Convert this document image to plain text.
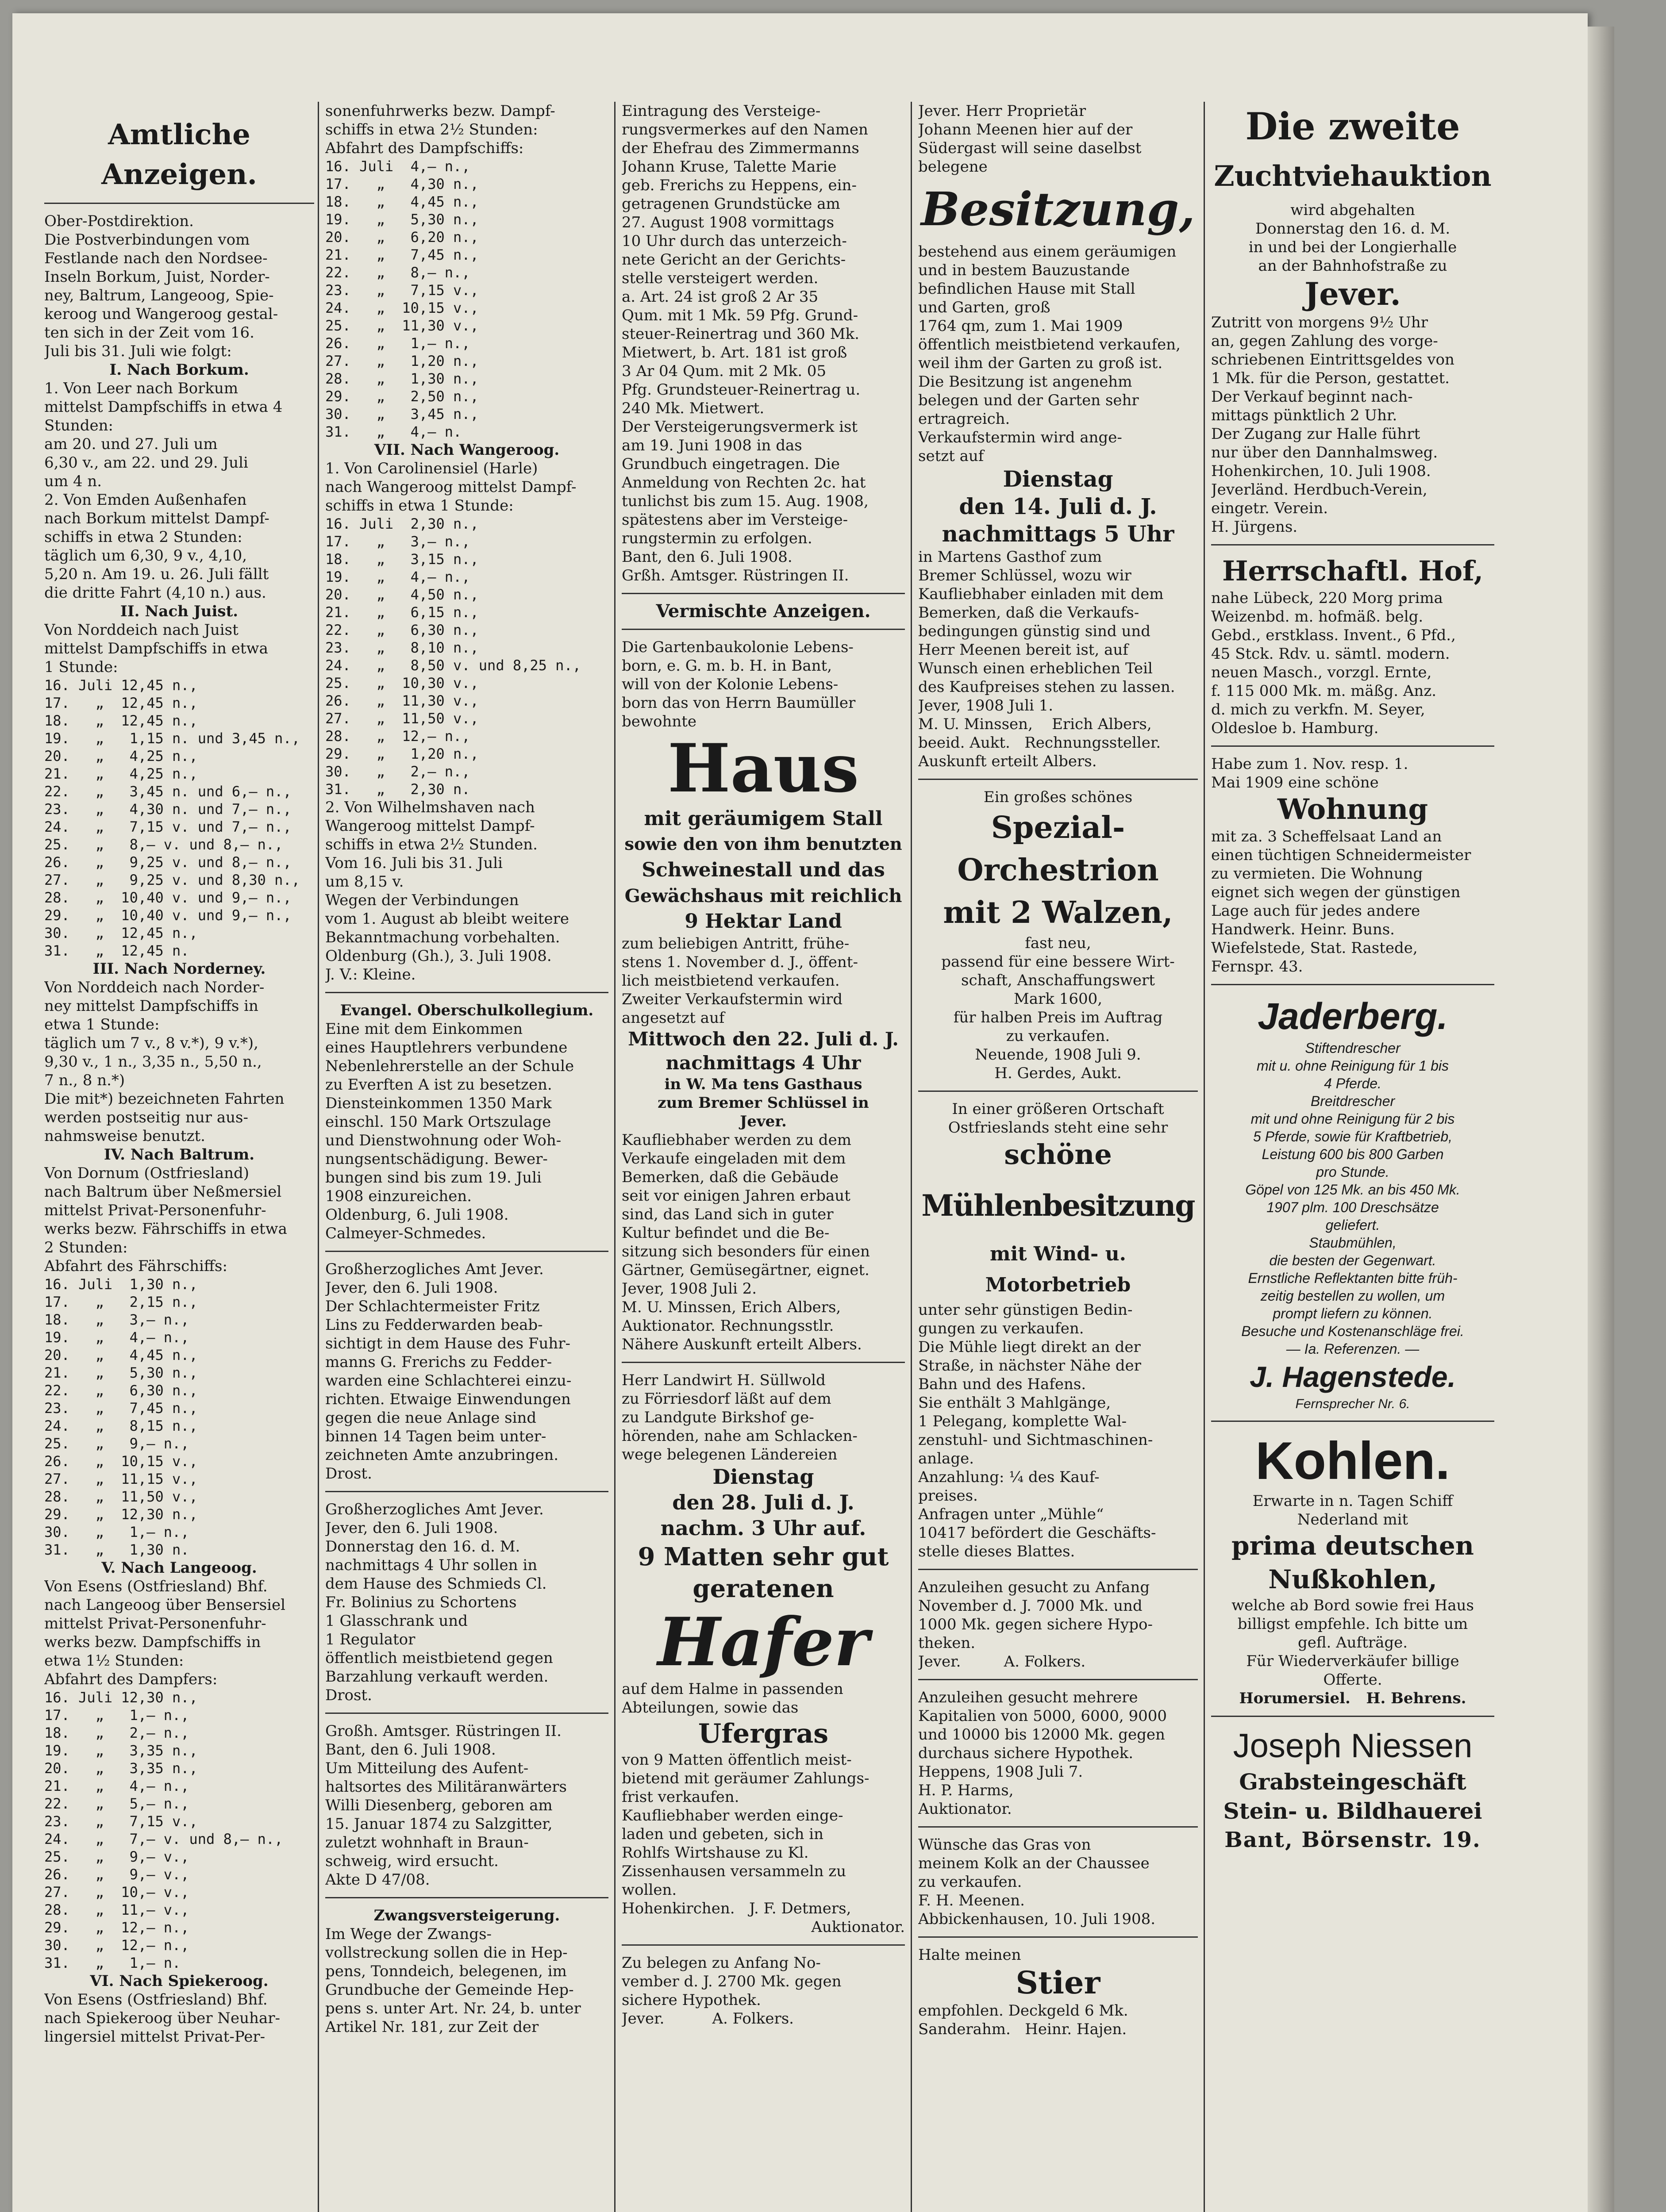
Amtliche Anzeigen.
Ober-Postdirektion.
Die Postverbindungen vom
Festlande nach den Nordsee-
Inseln Borkum, Juist, Norder-
ney, Baltrum, Langeoog, Spie-
keroog und Wangeroog gestal-
ten sich in der Zeit vom 16.
Juli bis 31. Juli wie folgt:
I. Nach Borkum.
1. Von Leer nach Borkum
mittelst Dampfschiffs in etwa 4
Stunden:
am 20. und 27. Juli um
6,30 v., am 22. und 29. Juli
um 4 n.
2. Von Emden Außenhafen
nach Borkum mittelst Dampf-
schiffs in etwa 2 Stunden:
täglich um 6,30, 9 v., 4,10,
5,20 n. Am 19. u. 26. Juli fällt
die dritte Fahrt (4,10 n.) aus.
II. Nach Juist.
Von Norddeich nach Juist
mittelst Dampfschiffs in etwa
1 Stunde:
16. Juli 12,45 n.,
17.   „  12,45 n.,
18.   „  12,45 n.,
19.   „   1,15 n. und 3,45 n.,
20.   „   4,25 n.,
21.   „   4,25 n.,
22.   „   3,45 n. und 6,— n.,
23.   „   4,30 n. und 7,— n.,
24.   „   7,15 v. und 7,— n.,
25.   „   8,— v. und 8,— n.,
26.   „   9,25 v. und 8,— n.,
27.   „   9,25 v. und 8,30 n.,
28.   „  10,40 v. und 9,— n.,
29.   „  10,40 v. und 9,— n.,
30.   „  12,45 n.,
31.   „  12,45 n.
III. Nach Norderney.
Von Norddeich nach Norder-
ney mittelst Dampfschiffs in
etwa 1 Stunde:
täglich um 7 v., 8 v.*), 9 v.*),
9,30 v., 1 n., 3,35 n., 5,50 n.,
7 n., 8 n.*)
Die mit*) bezeichneten Fahrten
werden postseitig nur aus-
nahmsweise benutzt.
IV. Nach Baltrum.
Von Dornum (Ostfriesland)
nach Baltrum über Neßmersiel
mittelst Privat-Personenfuhr-
werks bezw. Fährschiffs in etwa
2 Stunden:
Abfahrt des Fährschiffs:
16. Juli  1,30 n.,
17.   „   2,15 n.,
18.   „   3,— n.,
19.   „   4,— n.,
20.   „   4,45 n.,
21.   „   5,30 n.,
22.   „   6,30 n.,
23.   „   7,45 n.,
24.   „   8,15 n.,
25.   „   9,— n.,
26.   „  10,15 v.,
27.   „  11,15 v.,
28.   „  11,50 v.,
29.   „  12,30 n.,
30.   „   1,— n.,
31.   „   1,30 n.
V. Nach Langeoog.
Von Esens (Ostfriesland) Bhf.
nach Langeoog über Bensersiel
mittelst Privat-Personenfuhr-
werks bezw. Dampfschiffs in
etwa 1½ Stunden:
Abfahrt des Dampfers:
16. Juli 12,30 n.,
17.   „   1,— n.,
18.   „   2,— n.,
19.   „   3,35 n.,
20.   „   3,35 n.,
21.   „   4,— n.,
22.   „   5,— n.,
23.   „   7,15 v.,
24.   „   7,— v. und 8,— n.,
25.   „   9,— v.,
26.   „   9,— v.,
27.   „  10,— v.,
28.   „  11,— v.,
29.   „  12,— n.,
30.   „  12,— n.,
31.   „   1,— n.
VI. Nach Spiekeroog.
Von Esens (Ostfriesland) Bhf.
nach Spiekeroog über Neuhar-
lingersiel mittelst Privat-Per-
sonenfuhrwerks bezw. Dampf-
schiffs in etwa 2½ Stunden:
Abfahrt des Dampfschiffs:
16. Juli  4,— n.,
17.   „   4,30 n.,
18.   „   4,45 n.,
19.   „   5,30 n.,
20.   „   6,20 n.,
21.   „   7,45 n.,
22.   „   8,— n.,
23.   „   7,15 v.,
24.   „  10,15 v.,
25.   „  11,30 v.,
26.   „   1,— n.,
27.   „   1,20 n.,
28.   „   1,30 n.,
29.   „   2,50 n.,
30.   „   3,45 n.,
31.   „   4,— n.
VII. Nach Wangeroog.
1. Von Carolinensiel (Harle)
nach Wangeroog mittelst Dampf-
schiffs in etwa 1 Stunde:
16. Juli  2,30 n.,
17.   „   3,— n.,
18.   „   3,15 n.,
19.   „   4,— n.,
20.   „   4,50 n.,
21.   „   6,15 n.,
22.   „   6,30 n.,
23.   „   8,10 n.,
24.   „   8,50 v. und 8,25 n.,
25.   „  10,30 v.,
26.   „  11,30 v.,
27.   „  11,50 v.,
28.   „  12,— n.,
29.   „   1,20 n.,
30.   „   2,— n.,
31.   „   2,30 n.
2. Von Wilhelmshaven nach
Wangeroog mittelst Dampf-
schiffs in etwa 2½ Stunden.
Vom 16. Juli bis 31. Juli
um 8,15 v.
Wegen der Verbindungen
vom 1. August ab bleibt weitere
Bekanntmachung vorbehalten.
Oldenburg (Gh.), 3. Juli 1908.
J. V.: Kleine.
Evangel. Oberschulkollegium.
Eine mit dem Einkommen
eines Hauptlehrers verbundene
Nebenlehrerstelle an der Schule
zu Everften A ist zu besetzen.
Diensteinkommen 1350 Mark
einschl. 150 Mark Ortszulage
und Dienstwohnung oder Woh-
nungsentschädigung. Bewer-
bungen sind bis zum 19. Juli
1908 einzureichen.
Oldenburg, 6. Juli 1908.
Calmeyer-Schmedes.
Großherzogliches Amt Jever.
Jever, den 6. Juli 1908.
Der Schlachtermeister Fritz
Lins zu Fedderwarden beab-
sichtigt in dem Hause des Fuhr-
manns G. Frerichs zu Fedder-
warden eine Schlachterei einzu-
richten. Etwaige Einwendungen
gegen die neue Anlage sind
binnen 14 Tagen beim unter-
zeichneten Amte anzubringen.
Drost.
Großherzogliches Amt Jever.
Jever, den 6. Juli 1908.
Donnerstag den 16. d. M.
nachmittags 4 Uhr sollen in
dem Hause des Schmieds Cl.
Fr. Bolinius zu Schortens
1 Glasschrank und
1 Regulator
öffentlich meistbietend gegen
Barzahlung verkauft werden.
Drost.
Großh. Amtsger. Rüstringen II.
Bant, den 6. Juli 1908.
Um Mitteilung des Aufent-
haltsortes des Militäranwärters
Willi Diesenberg, geboren am
15. Januar 1874 zu Salzgitter,
zuletzt wohnhaft in Braun-
schweig, wird ersucht.
Akte D 47/08.
Zwangsversteigerung.
Im Wege der Zwangs-
vollstreckung sollen die in Hep-
pens, Tonndeich, belegenen, im
Grundbuche der Gemeinde Hep-
pens s. unter Art. Nr. 24, b. unter
Artikel Nr. 181, zur Zeit der
Eintragung des Versteige-
rungsvermerkes auf den Namen
der Ehefrau des Zimmermanns
Johann Kruse, Talette Marie
geb. Frerichs zu Heppens, ein-
getragenen Grundstücke am
27. August 1908 vormittags
10 Uhr durch das unterzeich-
nete Gericht an der Gerichts-
stelle versteigert werden.
a. Art. 24 ist groß 2 Ar 35
Qum. mit 1 Mk. 59 Pfg. Grund-
steuer-Reinertrag und 360 Mk.
Mietwert, b. Art. 181 ist groß
3 Ar 04 Qum. mit 2 Mk. 05
Pfg. Grundsteuer-Reinertrag u.
240 Mk. Mietwert.
Der Versteigerungsvermerk ist
am 19. Juni 1908 in das
Grundbuch eingetragen. Die
Anmeldung von Rechten 2c. hat
tunlichst bis zum 15. Aug. 1908,
spätestens aber im Versteige-
rungstermin zu erfolgen.
Bant, den 6. Juli 1908.
Grßh. Amtsger. Rüstringen II.
Vermischte Anzeigen.
Die Gartenbaukolonie Lebens-
born, e. G. m. b. H. in Bant,
will von der Kolonie Lebens-
born das von Herrn Baumüller
bewohnte
Haus
mit geräumigem Stall
sowie den von ihm benutzten
Schweinestall und das
Gewächshaus mit reichlich
9 Hektar Land
zum beliebigen Antritt, frühe-
stens 1. November d. J., öffent-
lich meistbietend verkaufen.
Zweiter Verkaufstermin wird
angesetzt auf
Mittwoch den 22. Juli d. J.
nachmittags 4 Uhr
in W. Ma tens Gasthaus
zum Bremer Schlüssel in
Jever.
Kaufliebhaber werden zu dem
Verkaufe eingeladen mit dem
Bemerken, daß die Gebäude
seit vor einigen Jahren erbaut
sind, das Land sich in guter
Kultur befindet und die Be-
sitzung sich besonders für einen
Gärtner, Gemüsegärtner, eignet.
Jever, 1908 Juli 2.
M. U. Minssen, Erich Albers,
Auktionator. Rechnungsstlr.
Nähere Auskunft erteilt Albers.
Herr Landwirt H. Süllwold
zu Förriesdorf läßt auf dem
zu Landgute Birkshof ge-
hörenden, nahe am Schlacken-
wege belegenen Ländereien
Dienstag
den 28. Juli d. J.
nachm. 3 Uhr auf.
9 Matten sehr gut
geratenen
Hafer
auf dem Halme in passenden
Abteilungen, sowie das
Ufergras
von 9 Matten öffentlich meist-
bietend mit geräumer Zahlungs-
frist verkaufen.
Kaufliebhaber werden einge-
laden und gebeten, sich in
Rohlfs Wirtshause zu Kl.
Zissenhausen versammeln zu
wollen.
Hohenkirchen.   J. F. Detmers,
Auktionator.
Zu belegen zu Anfang No-
vember d. J. 2700 Mk. gegen
sichere Hypothek.
Jever.          A. Folkers.
Jever. Herr Proprietär
Johann Meenen hier auf der
Südergast will seine daselbst
belegene
Besitzung,
bestehend aus einem geräumigen
und in bestem Bauzustande
befindlichen Hause mit Stall
und Garten, groß
1764 qm, zum 1. Mai 1909
öffentlich meistbietend verkaufen,
weil ihm der Garten zu groß ist.
Die Besitzung ist angenehm
belegen und der Garten sehr
ertragreich.
Verkaufstermin wird ange-
setzt auf
Dienstag
den 14. Juli d. J.
nachmittags 5 Uhr
in Martens Gasthof zum
Bremer Schlüssel, wozu wir
Kaufliebhaber einladen mit dem
Bemerken, daß die Verkaufs-
bedingungen günstig sind und
Herr Meenen bereit ist, auf
Wunsch einen erheblichen Teil
des Kaufpreises stehen zu lassen.
Jever, 1908 Juli 1.
M. U. Minssen,    Erich Albers,
beeid. Aukt.   Rechnungssteller.
Auskunft erteilt Albers.
Ein großes schönes
Spezial-Orchestrion
mit 2 Walzen,
fast neu,
passend für eine bessere Wirt-
schaft, Anschaffungswert
Mark 1600,
für halben Preis im Auftrag
zu verkaufen.
Neuende, 1908 Juli 9.
H. Gerdes, Aukt.
In einer größeren Ortschaft
Ostfrieslands steht eine sehr
schöne
Mühlenbesitzung
mit Wind- u. Motorbetrieb
unter sehr günstigen Bedin-
gungen zu verkaufen.
Die Mühle liegt direkt an der
Straße, in nächster Nähe der
Bahn und des Hafens.
Sie enthält 3 Mahlgänge,
1 Pelegang, komplette Wal-
zenstuhl- und Sichtmaschinen-
anlage.
Anzahlung: ¼ des Kauf-
preises.
Anfragen unter „Mühle“
10417 befördert die Geschäfts-
stelle dieses Blattes.
Anzuleihen gesucht zu Anfang
November d. J. 7000 Mk. und
1000 Mk. gegen sichere Hypo-
theken.
Jever.         A. Folkers.
Anzuleihen gesucht mehrere
Kapitalien von 5000, 6000, 9000
und 10000 bis 12000 Mk. gegen
durchaus sichere Hypothek.
Heppens, 1908 Juli 7.
H. P. Harms,
Auktionator.
Wünsche das Gras von
meinem Kolk an der Chaussee
zu verkaufen.
F. H. Meenen.
Abbickenhausen, 10. Juli 1908.
Halte meinen
Stier
empfohlen. Deckgeld 6 Mk.
Sanderahm.   Heinr. Hajen.
Die zweite
Zuchtviehauktion
wird abgehalten
Donnerstag den 16. d. M.
in und bei der Longierhalle
an der Bahnhofstraße zu
Jever.
Zutritt von morgens 9½ Uhr
an, gegen Zahlung des vorge-
schriebenen Eintrittsgeldes von
1 Mk. für die Person, gestattet.
Der Verkauf beginnt nach-
mittags pünktlich 2 Uhr.
Der Zugang zur Halle führt
nur über den Dannhalmsweg.
Hohenkirchen, 10. Juli 1908.
Jeverländ. Herdbuch-Verein,
eingetr. Verein.
H. Jürgens.
Herrschaftl. Hof,
nahe Lübeck, 220 Morg prima
Weizenbd. m. hofmäß. belg.
Gebd., erstklass. Invent., 6 Pfd.,
45 Stck. Rdv. u. sämtl. modern.
neuen Masch., vorzgl. Ernte,
f. 115 000 Mk. m. mäßg. Anz.
d. mich zu verkfn. M. Seyer,
Oldesloe b. Hamburg.
Habe zum 1. Nov. resp. 1.
Mai 1909 eine schöne
Wohnung
mit za. 3 Scheffelsaat Land an
einen tüchtigen Schneidermeister
zu vermieten. Die Wohnung
eignet sich wegen der günstigen
Lage auch für jedes andere
Handwerk. Heinr. Buns.
Wiefelstede, Stat. Rastede,
Fernspr. 43.
Jaderberg.
Stiftendrescher
mit u. ohne Reinigung für 1 bis
4 Pferde.
Breitdrescher
mit und ohne Reinigung für 2 bis
5 Pferde, sowie für Kraftbetrieb,
Leistung 600 bis 800 Garben
pro Stunde.
Göpel von 125 Mk. an bis 450 Mk.
1907 plm. 100 Dreschsätze
geliefert.
Staubmühlen,
die besten der Gegenwart.
Ernstliche Reflektanten bitte früh-
zeitig bestellen zu wollen, um
prompt liefern zu können.
Besuche und Kostenanschläge frei.
— Ia. Referenzen. —
J. Hagenstede.
Fernsprecher Nr. 6.
Kohlen.
Erwarte in n. Tagen Schiff
Nederland mit
prima deutschen
Nußkohlen,
welche ab Bord sowie frei Haus
billigst empfehle. Ich bitte um
gefl. Aufträge.
Für Wiederverkäufer billige
Offerte.
Horumersiel.   H. Behrens.
Joseph Niessen
Grabsteingeschäft
Stein- u. Bildhauerei
Bant, Börsenstr. 19.
